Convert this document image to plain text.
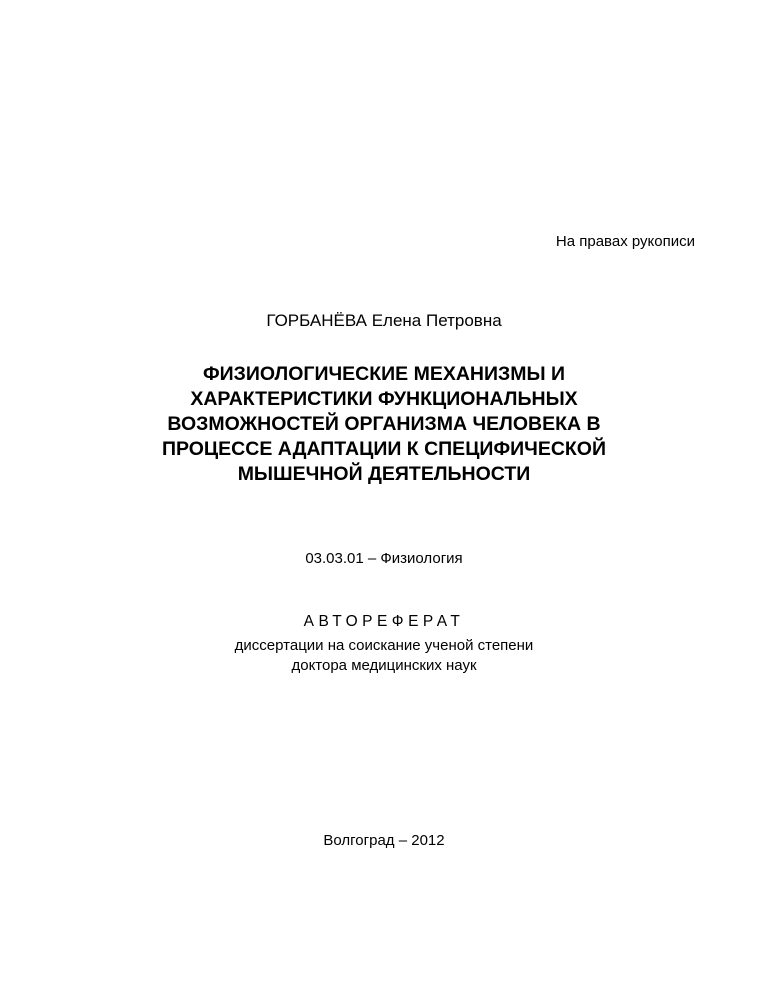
На правах рукописи
ГОРБАНЁВА Елена Петровна
ФИЗИОЛОГИЧЕСКИЕ МЕХАНИЗМЫ И
ХАРАКТЕРИСТИКИ ФУНКЦИОНАЛЬНЫХ
ВОЗМОЖНОСТЕЙ ОРГАНИЗМА ЧЕЛОВЕКА В
ПРОЦЕССЕ АДАПТАЦИИ К СПЕЦИФИЧЕСКОЙ
МЫШЕЧНОЙ ДЕЯТЕЛЬНОСТИ
03.03.01 – Физиология
АВТОРЕФЕРАТ
диссертации на соискание ученой степени
доктора медицинских наук
Волгоград – 2012
